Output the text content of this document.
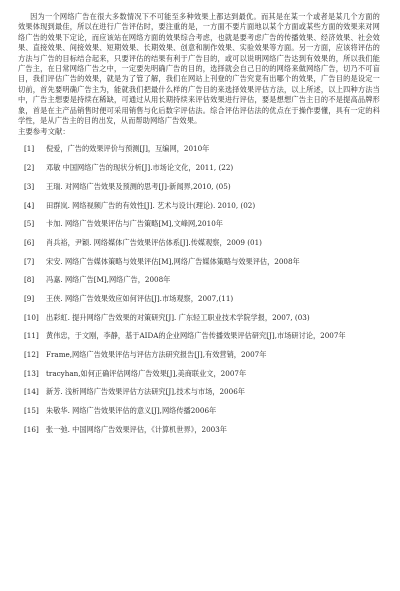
因为一个网络广告在很大多数情况下不可能至多种效果上都达到最优。而其是在某一个或者是某几个方面的效果体现到最佳，所以在进行广告评估时，要注重的是，一方面不要片面地以某个方面或某些方面的效果来对网络广告的效果下定论，而应该站在网络方面的效果综合考虑，也就是要考虑广告的传播效果、经济效果、社会效果、直接效果、间接效果、短期效果、长期效果、创意和制作效果、实验效果等方面。另一方面，应该将评估的方法与广告的目标结合起来，只要评估的结果有利于广告目的，或可以说明网络广告达到有效果的，所以我们能广告主，在日常网络广告之中，一定要先明确广告的目的，选择就会自己日的的网络来做网络广告，切乃不可盲目，我们评估广告的效果，就是为了管了解，我们在网站上刊登的广告究竟有出哪个的效果，广告目的是设定一切前，首先要明确广告主为，能就我们把最什么样的广告目的来选择效果评估方法，以上所述，以上四种方法当中，广告主想要是持续在稀缺，可通过从用长期持续来评估效果进行评估，要是想想广告主日的不是提高品牌形象，首是在主产品销售时便可采用销售与化后数字评估法。综合评估评估法的优点在于操作要懂，具有一定的科学性，是从广告主的目的出发，从而帮助网络广告效果。

主要参考文献：

[1] 倪爱，广告的效果评价与预测[J]，互编网，2010年
[2] 邓敏 中国网络广告的现状分析[J].市场论文化，2011, (22)
[3] 王瑞. 对网络广告效果及预测的思考[J]·新闻界,2010, (05)
[4] 田群岚. 网络视频广告的有效性[J]. 艺术与设计(理论). 2010, (02)
[5] 卡加. 网络广告效果评估与广告策略[M],文峰网,2010年
[6] 肖兵裕，尹颖. 网络媒体广告效果评估体系[J].传媒观察，2009 (01)
[7] 宋安. 网络广告媒体策略与效果评估[M],网络广告媒体策略与效果评估，2008年
[8] 冯嘉. 网络广告[M],网络广告，2008年
[9] 王侠. 网络广告效果效应如何评估[J].市场观察，2007,(11)
[10] 出彩虹. 提升网络广告效果的对策研究[J]. 广东轻工职业技术学院学报，2007, (03)
[11] 黄伟忠，于文刚，李静，基于AIDA的企业网络广告传播效果评估研究[J],市场研讨论，2007年
[12] Frame,网络广告效果评估与评估方法研究报告[J],有效营销，2007年
[13] tracyhan,如何正确评估网络广告效果[J],美商联业文，2007年
[14] 新芳. 浅析网络广告效果评估方法研究[J],技术与市场，2006年
[15] 朱敬华. 网络广告效果评估的意义[J],网络传播2006年
[16] 张一弛. 中国网络广告效果评估，《计算机世界》，2003年
